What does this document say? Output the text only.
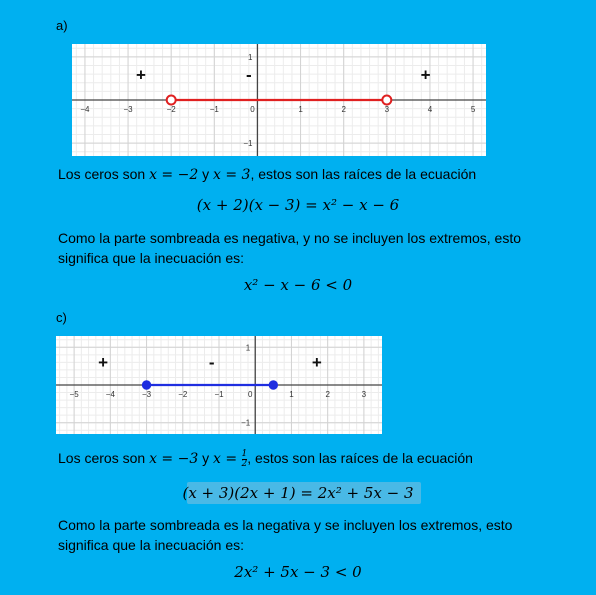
a)
−4	−3	−2	−1	0	1	2	3	4	5
1
−1
+	-	+
Los ceros son x = −2 y x = 3, estos son las raíces de la ecuación
(x + 2)(x − 3) = x² − x − 6
Como la parte sombreada es negativa, y no se incluyen los extremos, esto
significa que la inecuación es:
x² − x − 6 < 0
c)
−5	−4	−3	−2	−1	0	1	2	3
1
−1
+	-	+
Los ceros son x = −3 y $x = \frac{1}{2}$ , estos son las raíces de la ecuación
(x + 3)(2x + 1) = 2x² + 5x − 3
Como la parte sombreada es la negativa y se incluyen los extremos, esto
significa que la inecuación es:
2x² + 5x − 3 < 0
